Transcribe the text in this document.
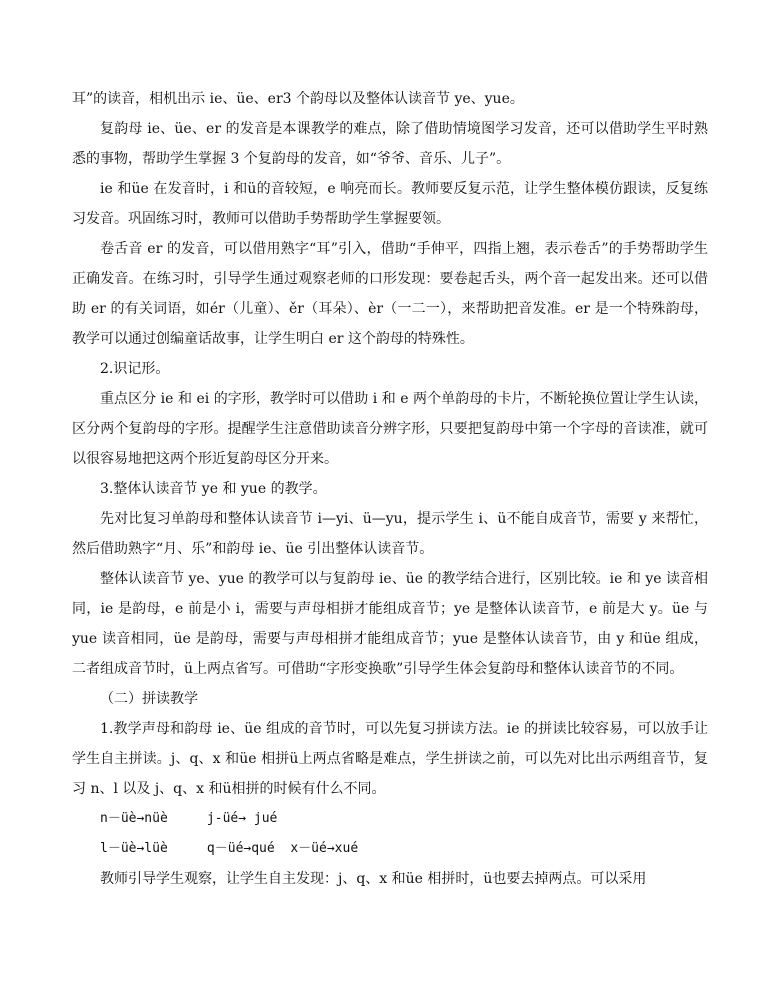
耳”的读音，相机出示 ie、üe、er3 个韵母以及整体认读音节 ye、yue。

复韵母 ie、üe、er 的发音是本课教学的难点，除了借助情境图学习发音，还可以借助学生平时熟悉的事物，帮助学生掌握 3 个复韵母的发音，如“爷爷、音乐、儿子”。

ie 和üe 在发音时，i 和ü的音较短，e 响亮而长。教师要反复示范，让学生整体模仿跟读，反复练习发音。巩固练习时，教师可以借助手势帮助学生掌握要领。

卷舌音 er 的发音，可以借用熟字“耳”引入，借助“手伸平，四指上翘，表示卷舌”的手势帮助学生正确发音。在练习时，引导学生通过观察老师的口形发现：要卷起舌头，两个音一起发出来。还可以借助 er 的有关词语，如ér（儿童）、ěr（耳朵）、èr（一二一），来帮助把音发准。er 是一个特殊韵母，教学可以通过创编童话故事，让学生明白 er 这个韵母的特殊性。

2.识记形。

重点区分 ie 和 ei 的字形，教学时可以借助 i 和 e 两个单韵母的卡片，不断轮换位置让学生认读，区分两个复韵母的字形。提醒学生注意借助读音分辨字形，只要把复韵母中第一个字母的音读准，就可以很容易地把这两个形近复韵母区分开来。

3.整体认读音节 ye 和 yue 的教学。

先对比复习单韵母和整体认读音节 i—yi、ü—yu，提示学生 i、ü不能自成音节，需要 y 来帮忙，然后借助熟字“月、乐”和韵母 ie、üe 引出整体认读音节。

整体认读音节 ye、yue 的教学可以与复韵母 ie、üe 的教学结合进行，区别比较。ie 和 ye 读音相同，ie 是韵母，e 前是小 i，需要与声母相拼才能组成音节；ye 是整体认读音节，e 前是大 y。üe 与 yue 读音相同，üe 是韵母，需要与声母相拼才能组成音节；yue 是整体认读音节，由 y 和üe 组成，二者组成音节时，ü上两点省写。可借助“字形变换歌”引导学生体会复韵母和整体认读音节的不同。

（二）拼读教学

1.教学声母和韵母 ie、üe 组成的音节时，可以先复习拼读方法。ie 的拼读比较容易，可以放手让学生自主拼读。j、q、x 和üe 相拼ü上两点省略是难点，学生拼读之前，可以先对比出示两组音节，复习 n、l 以及 j、q、x 和ü相拼的时候有什么不同。

n－üè→nüè     j-üé→ jué

l－üè→lüè     q－üé→qué  x－üé→xué

教师引导学生观察，让学生自主发现：j、q、x 和üe 相拼时，ü也要去掉两点。可以采用
